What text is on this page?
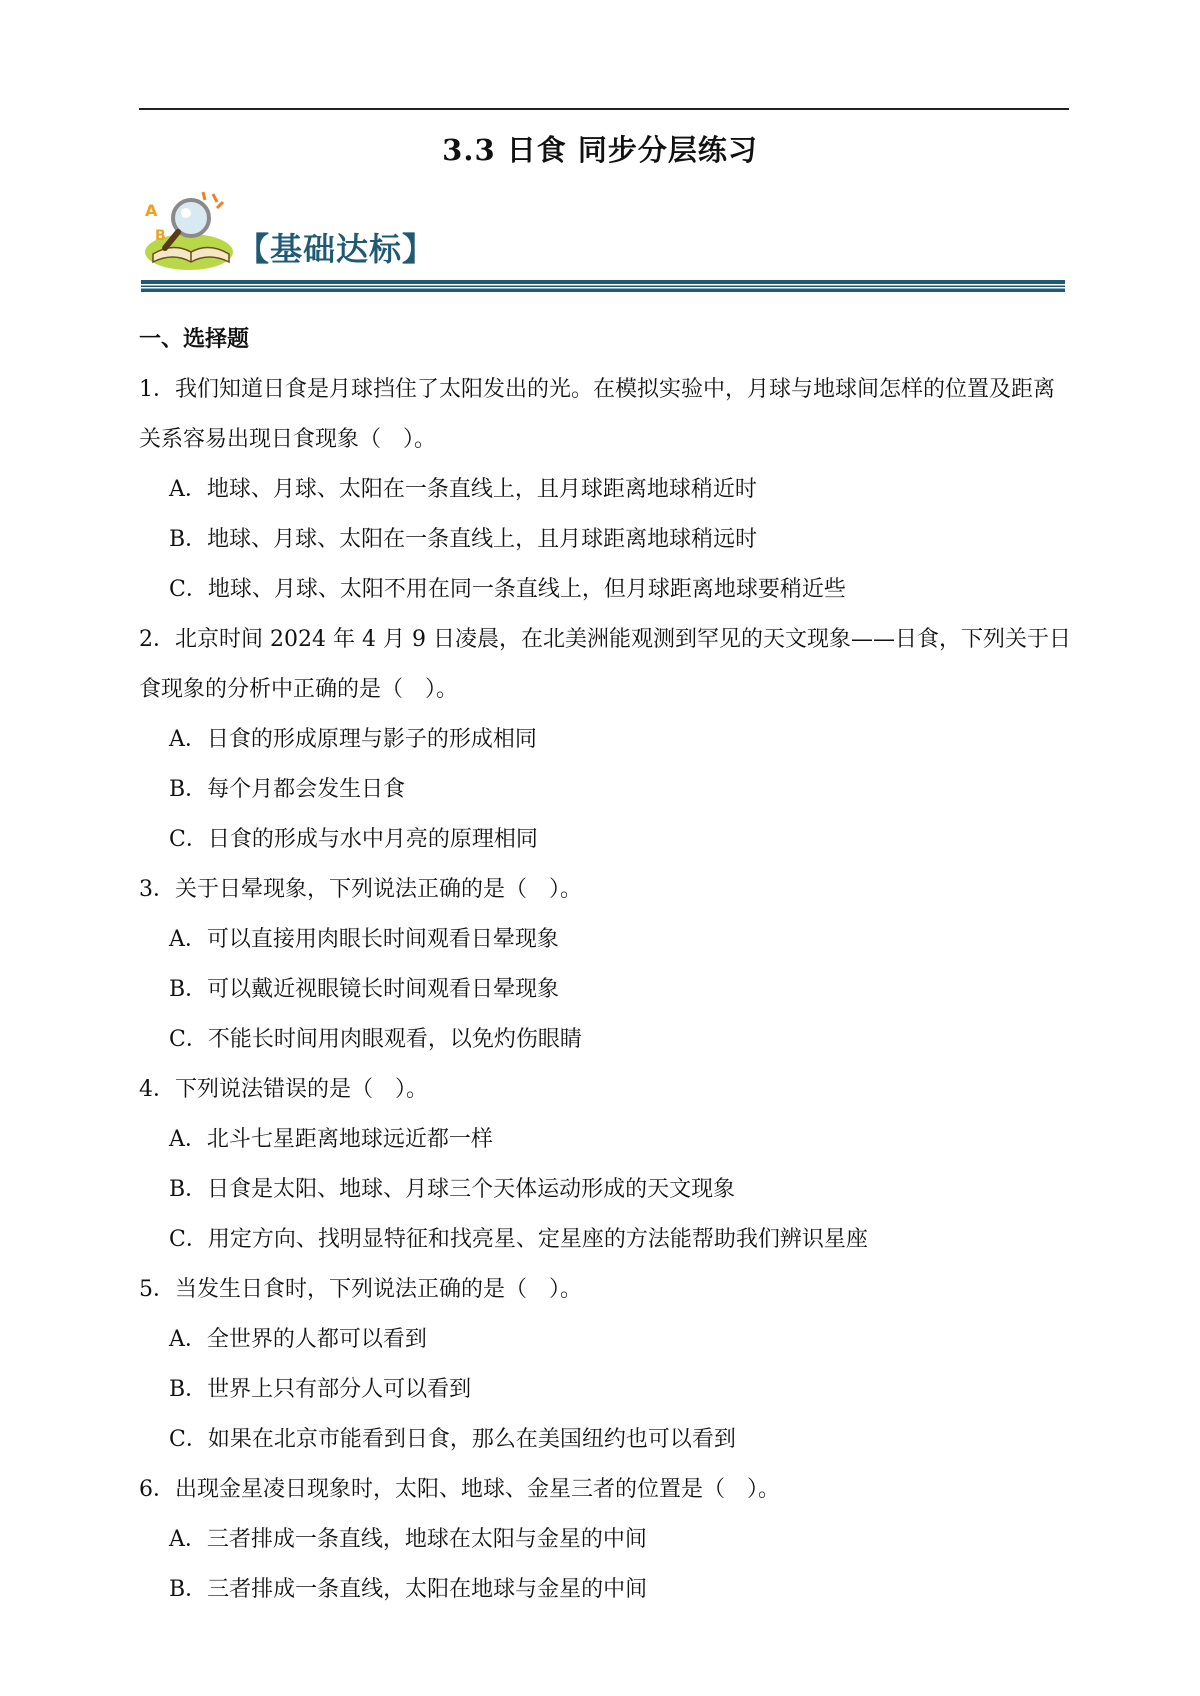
3.3 日食 同步分层练习
A
B 【基础达标】
一、选择题

1．我们知道日食是月球挡住了太阳发出的光。在模拟实验中，月球与地球间怎样的位置及距离关系容易出现日食现象（　）。

A．地球、月球、太阳在一条直线上，且月球距离地球稍近时

B．地球、月球、太阳在一条直线上，且月球距离地球稍远时

C．地球、月球、太阳不用在同一条直线上，但月球距离地球要稍近些

2．北京时间 2024 年 4 月 9 日凌晨，在北美洲能观测到罕见的天文现象——日食，下列关于日食现象的分析中正确的是（　）。

A．日食的形成原理与影子的形成相同

B．每个月都会发生日食

C．日食的形成与水中月亮的原理相同

3．关于日晕现象，下列说法正确的是（　）。

A．可以直接用肉眼长时间观看日晕现象

B．可以戴近视眼镜长时间观看日晕现象

C．不能长时间用肉眼观看，以免灼伤眼睛

4．下列说法错误的是（　）。

A．北斗七星距离地球远近都一样

B．日食是太阳、地球、月球三个天体运动形成的天文现象

C．用定方向、找明显特征和找亮星、定星座的方法能帮助我们辨识星座

5．当发生日食时，下列说法正确的是（　）。

A．全世界的人都可以看到

B．世界上只有部分人可以看到

C．如果在北京市能看到日食，那么在美国纽约也可以看到

6．出现金星凌日现象时，太阳、地球、金星三者的位置是（　）。

A．三者排成一条直线，地球在太阳与金星的中间

B．三者排成一条直线，太阳在地球与金星的中间
